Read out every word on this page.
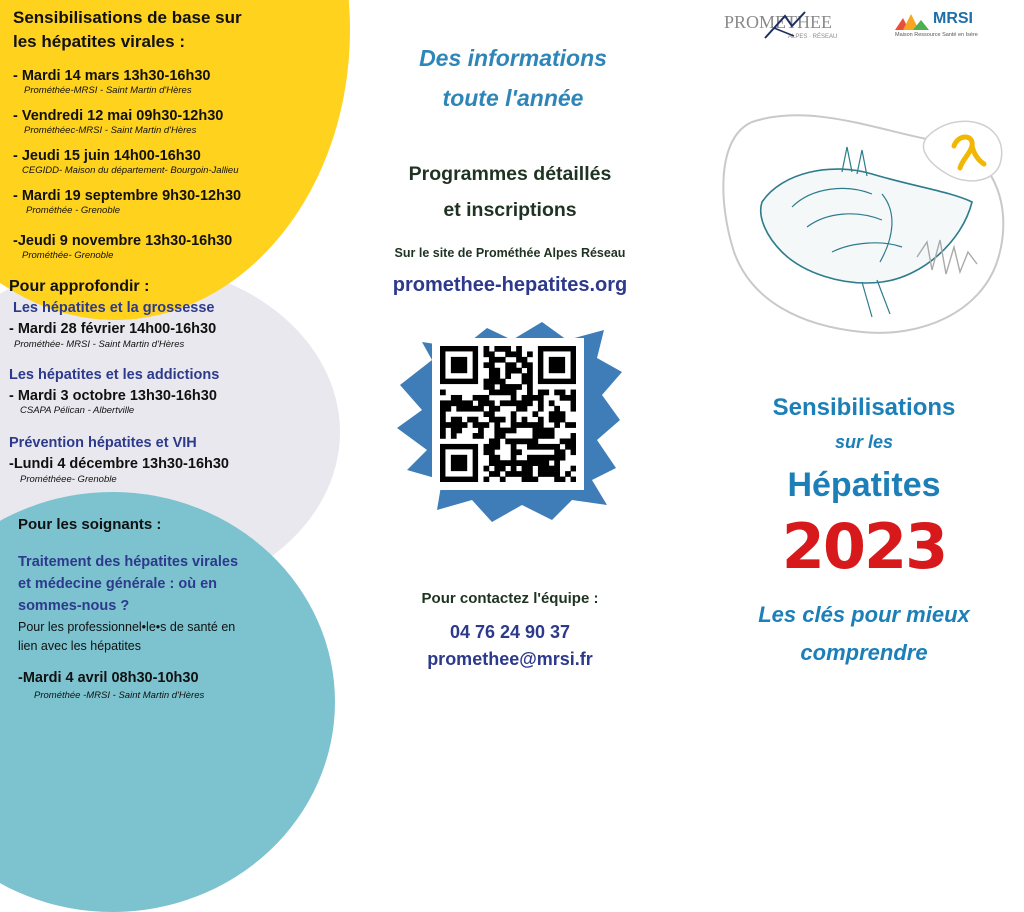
Sensibilisations de base sur
les hépatites virales :
- Mardi 14 mars 13h30-16h30
Prométhée-MRSI - Saint Martin d'Hères
- Vendredi 12 mai 09h30-12h30
Prométhéec-MRSI - Saint Martin d'Hères
- Jeudi 15 juin 14h00-16h30
CEGIDD- Maison du département- Bourgoin-Jallieu
- Mardi 19 septembre 9h30-12h30
Prométhée - Grenoble
-Jeudi 9 novembre 13h30-16h30
Prométhée- Grenoble
Pour approfondir :
Les hépatites et la grossesse
- Mardi 28 février 14h00-16h30
Prométhée- MRSI - Saint Martin d'Hères
Les hépatites et les addictions
- Mardi 3 octobre 13h30-16h30
CSAPA Pélican - Albertville
Prévention hépatites et VIH
-Lundi 4 décembre 13h30-16h30
Prométhéee- Grenoble
Pour les soignants :
Traitement des hépatites virales
et médecine générale : où en
sommes-nous ?
Pour les professionnel•le•s de santé en
lien avec les hépatites
-Mardi 4 avril 08h30-10h30
Prométhée -MRSI - Saint Martin d'Hères
Des informations
toute l'année
Programmes détaillés
et inscriptions
Sur le site de Prométhée Alpes Réseau
promethee-hepatites.org
Pour contactez l'équipe :
04 76 24 90 37
promethee@mrsi.fr
PROMETHEE
ALPES · RÉSEAU
MRSI
Maison Ressource Santé en Isère
Sensibilisations
sur les
Hépatites
2023
Les clés pour mieux
comprendre
